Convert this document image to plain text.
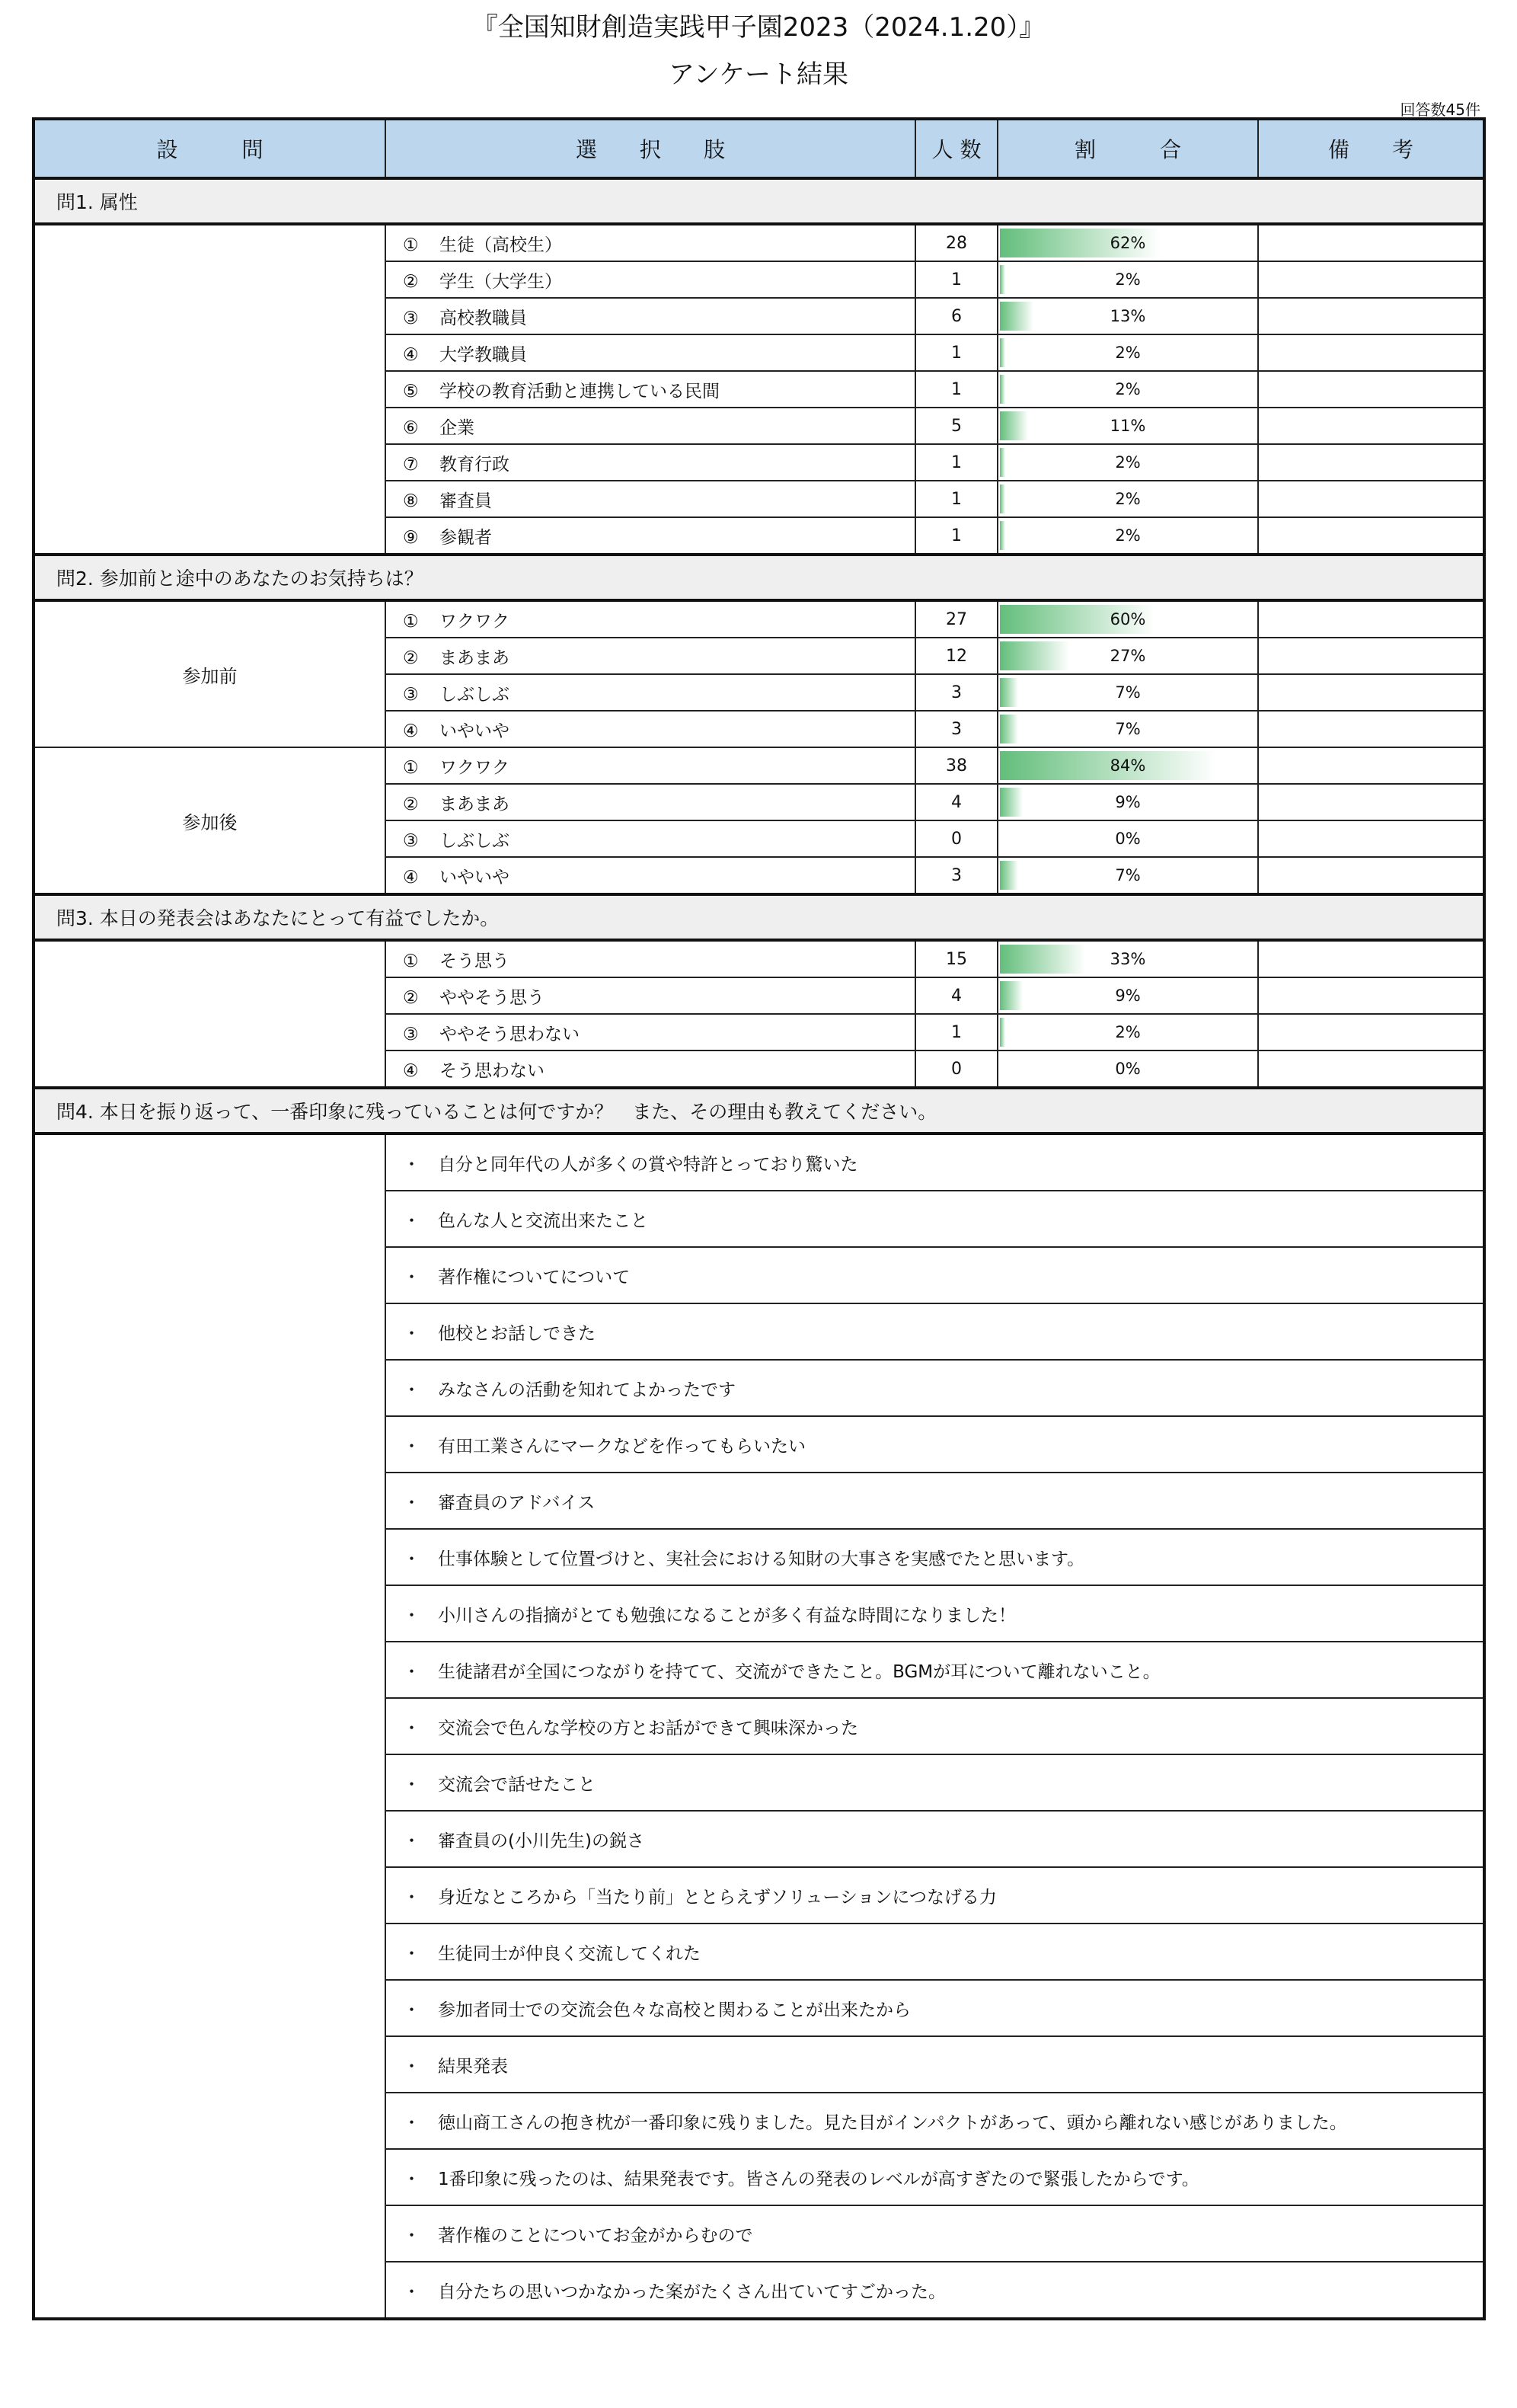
『全国知財創造実践甲子園2023（2024.1.20）』
アンケート結果
回答数45件
設　　　問	選　　択　　肢	人 数	割　　　合	備　　考
問1. 属性				
	① 生徒（高校生）	28	62%	

	② 学生（大学生）	1	2%	

	③ 高校教職員	6	13%	

	④ 大学教職員	1	2%	

	⑤ 学校の教育活動と連携している民間	1	2%	

	⑥ 企業	5	11%	

	⑦ 教育行政	1	2%	

	⑧ 審査員	1	2%	

	⑨ 参観者	1	2%	

問2. 参加前と途中のあなたのお気持ちは？				
参加前	① ワクワク	27	60%	

	② まあまあ	12	27%	

	③ しぶしぶ	3	7%	

	④ いやいや	3	7%	

参加後	① ワクワク	38	84%	

	② まあまあ	4	9%	

	③ しぶしぶ	0	0%	

	④ いやいや	3	7%	

問3. 本日の発表会はあなたにとって有益でしたか。				
	① そう思う	15	33%	

	② ややそう思う	4	9%	

	③ ややそう思わない	1	2%	

	④ そう思わない	0	0%	

問4. 本日を振り返って、一番印象に残っていることは何ですか？　また、その理由も教えてください。				
	・ 自分と同年代の人が多くの賞や特許とっており驚いた			
	・ 色んな人と交流出来たこと			
	・ 著作権についてについて			
	・ 他校とお話しできた			
	・ みなさんの活動を知れてよかったです			
	・ 有田工業さんにマークなどを作ってもらいたい			
	・ 審査員のアドバイス			
	・ 仕事体験として位置づけと、実社会における知財の大事さを実感でたと思います。			
	・ 小川さんの指摘がとても勉強になることが多く有益な時間になりました！			
	・ 生徒諸君が全国につながりを持てて、交流ができたこと。BGMが耳について離れないこと。			
	・ 交流会で色んな学校の方とお話ができて興味深かった			
	・ 交流会で話せたこと			
	・ 審査員の(小川先生)の鋭さ			
	・ 身近なところから「当たり前」ととらえずソリューションにつなげる力			
	・ 生徒同士が仲良く交流してくれた			
	・ 参加者同士での交流会色々な高校と関わることが出来たから			
	・ 結果発表			
	・ 徳山商工さんの抱き枕が一番印象に残りました。見た目がインパクトがあって、頭から離れない感じがありました。			
	・ 1番印象に残ったのは、結果発表です。皆さんの発表のレベルが高すぎたので緊張したからです。			
	・ 著作権のことについてお金がからむので			
	・ 自分たちの思いつかなかった案がたくさん出ていてすごかった。			
